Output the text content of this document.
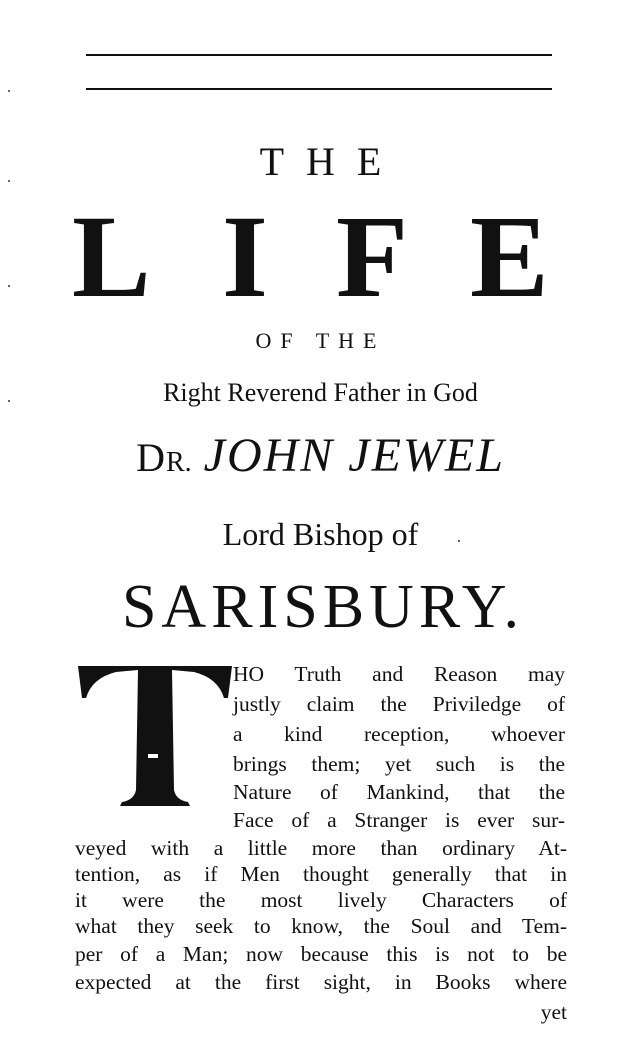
THE
L I F E
OF THE
Right Reverend Father in God
DR. JOHN JEWEL
Lord Bishop of
SARISBURY.
T
HO Truth and Reason may
justly claim the Priviledge of
a kind reception, whoever
brings them; yet such is the
Nature of Mankind, that the
Face of a Stranger is ever sur-
veyed with a little more than ordinary At-
tention, as if Men thought generally that in
it were the most lively Characters of
what they seek to know, the Soul and Tem-
per of a Man; now because this is not to be
expected at the first sight, in Books where
yet
